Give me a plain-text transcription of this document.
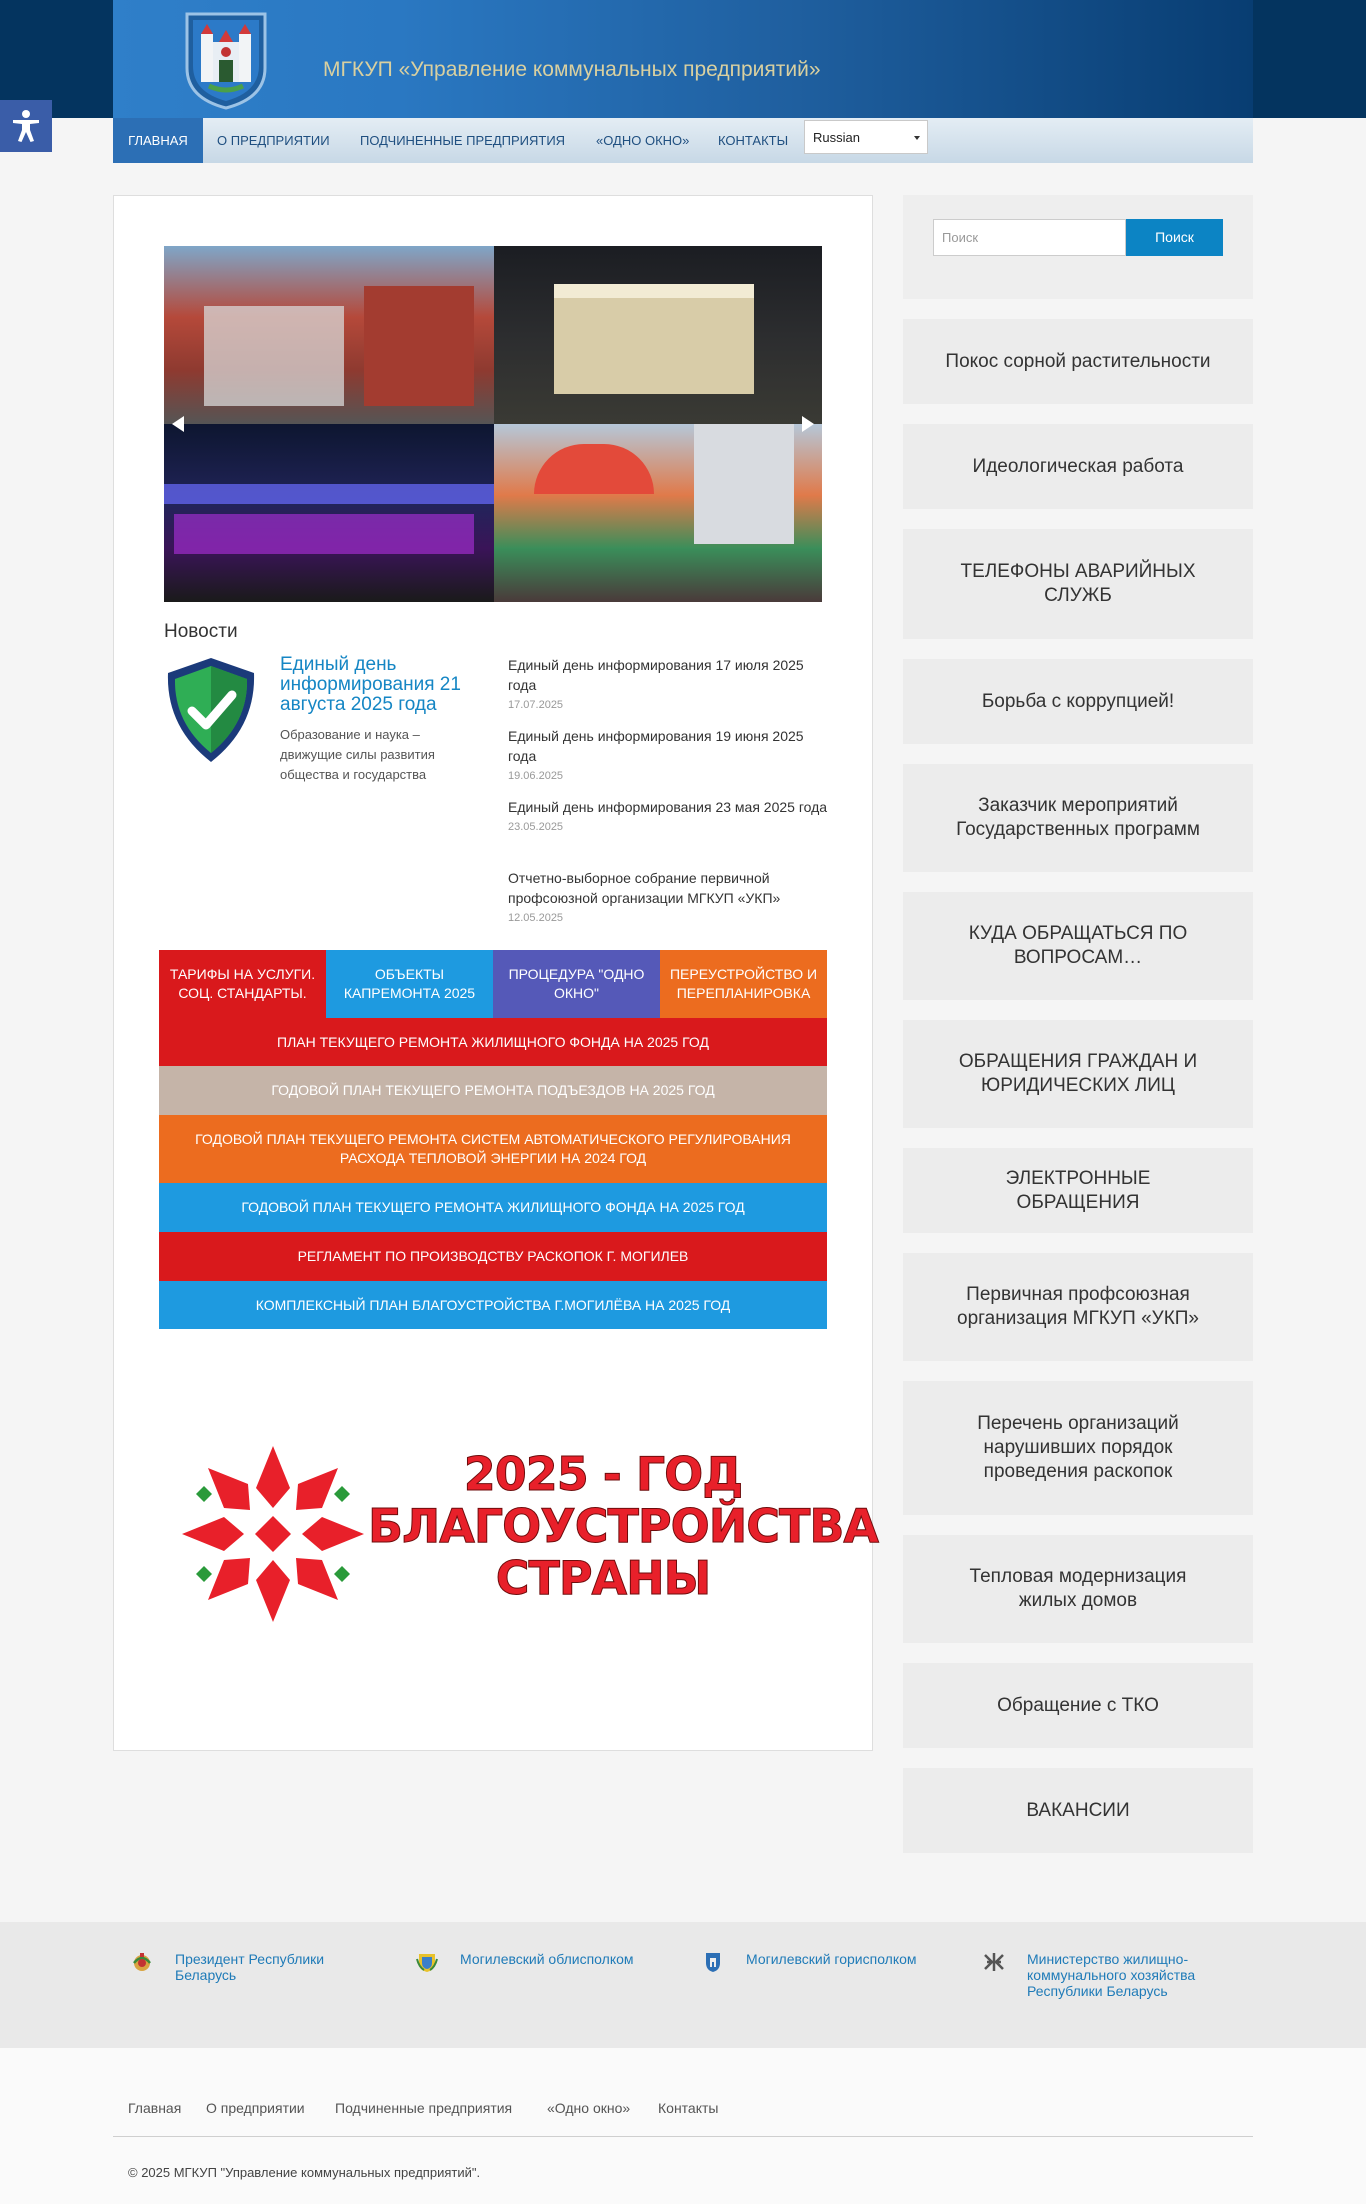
МГКУП «Управление коммунальных предприятий»
ГЛАВНАЯ	О ПРЕДПРИЯТИИ ПОДЧИНЕННЫЕ ПРЕДПРИЯТИЯ «ОДНО ОКНО» КОНТАКТЫ	Russian
Новости
Единый день информирования 21 августа 2025 года
Образование и наука – движущие силы развития общества и государства
Единый день информирования 17 июля 2025 года
17.07.2025
Единый день информирования 19 июня 2025 года
19.06.2025
Единый день информирования 23 мая 2025 года
23.05.2025
Отчетно-выборное собрание первичной профсоюзной организации МГКУП «УКП»
12.05.2025
ТАРИФЫ НА УСЛУГИ. СОЦ. СТАНДАРТЫ.
ОБЪЕКТЫ КАПРЕМОНТА 2025
ПРОЦЕДУРА "ОДНО ОКНО"
ПЕРЕУСТРОЙСТВО И ПЕРЕПЛАНИРОВКА
ПЛАН ТЕКУЩЕГО РЕМОНТА ЖИЛИЩНОГО ФОНДА НА 2025 ГОД
ГОДОВОЙ ПЛАН ТЕКУЩЕГО РЕМОНТА ПОДЪЕЗДОВ НА 2025 ГОД
ГОДОВОЙ ПЛАН ТЕКУЩЕГО РЕМОНТА СИСТЕМ АВТОМАТИЧЕСКОГО РЕГУЛИРОВАНИЯ РАСХОДА ТЕПЛОВОЙ ЭНЕРГИИ НА 2024 ГОД
ГОДОВОЙ ПЛАН ТЕКУЩЕГО РЕМОНТА ЖИЛИЩНОГО ФОНДА НА 2025 ГОД
РЕГЛАМЕНТ ПО ПРОИЗВОДСТВУ РАСКОПОК Г. МОГИЛЕВ
КОМПЛЕКСНЫЙ ПЛАН БЛАГОУСТРОЙСТВА Г.МОГИЛЁВА НА 2025 ГОД
2025 - ГОД
БЛАГОУСТРОЙСТВА
СТРАНЫ
Поиск	Поиск
Покос сорной растительности
Идеологическая работа
ТЕЛЕФОНЫ АВАРИЙНЫХ СЛУЖБ
Борьба с коррупцией!
Заказчик мероприятий Государственных программ
КУДА ОБРАЩАТЬСЯ ПО ВОПРОСАМ…
ОБРАЩЕНИЯ ГРАЖДАН И ЮРИДИЧЕСКИХ ЛИЦ
ЭЛЕКТРОННЫЕ ОБРАЩЕНИЯ
Первичная профсоюзная организация МГКУП «УКП»
Перечень организаций нарушивших порядок проведения раскопок
Тепловая модернизация жилых домов
Обращение с ТКО
ВАКАНСИИ
Президент Республики Беларусь
Могилевский облисполком	Могилевский горисполком	Министерство жилищно-коммунального хозяйства Республики Беларусь
Главная О предприятии Подчиненные предприятия «Одно окно» Контакты
© 2025 МГКУП "Управление коммунальных предприятий".
